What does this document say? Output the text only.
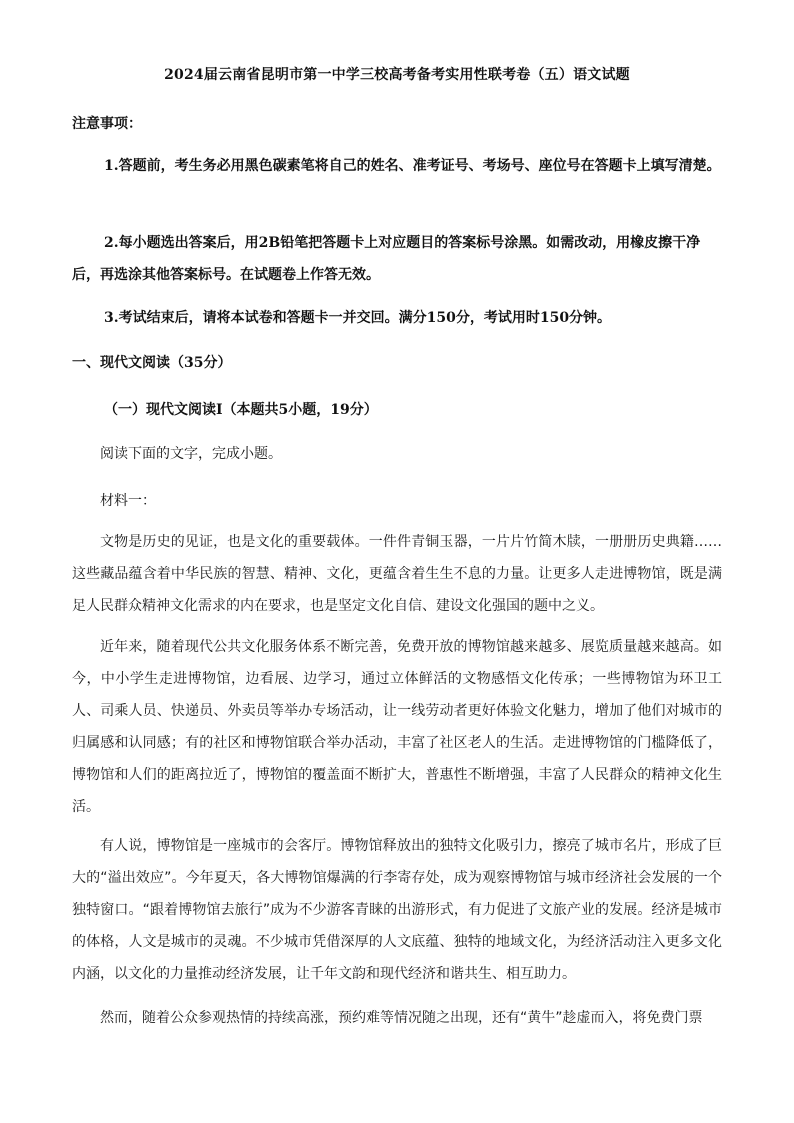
2024届云南省昆明市第一中学三校高考备考实用性联考卷（五）语文试题
注意事项：

1.答题前，考生务必用黑色碳素笔将自己的姓名、准考证号、考场号、座位号在答题卡上填写清楚。

2.每小题选出答案后，用2B铅笔把答题卡上对应题目的答案标号涂黑。如需改动，用橡皮擦干净后，再选涂其他答案标号。在试题卷上作答无效。

3.考试结束后，请将本试卷和答题卡一并交回。满分150分，考试用时150分钟。

一、现代文阅读（35分）
（一）现代文阅读Ⅰ（本题共5小题，19分）
阅读下面的文字，完成小题。
材料一：

文物是历史的见证，也是文化的重要载体。一件件青铜玉器，一片片竹简木牍，一册册历史典籍……这些藏品蕴含着中华民族的智慧、精神、文化，更蕴含着生生不息的力量。让更多人走进博物馆，既是满足人民群众精神文化需求的内在要求，也是坚定文化自信、建设文化强国的题中之义。

近年来，随着现代公共文化服务体系不断完善，免费开放的博物馆越来越多、展览质量越来越高。如今，中小学生走进博物馆，边看展、边学习，通过立体鲜活的文物感悟文化传承；一些博物馆为环卫工人、司乘人员、快递员、外卖员等举办专场活动，让一线劳动者更好体验文化魅力，增加了他们对城市的归属感和认同感；有的社区和博物馆联合举办活动，丰富了社区老人的生活。走进博物馆的门槛降低了，博物馆和人们的距离拉近了，博物馆的覆盖面不断扩大，普惠性不断增强，丰富了人民群众的精神文化生活。

有人说，博物馆是一座城市的会客厅。博物馆释放出的独特文化吸引力，擦亮了城市名片，形成了巨大的“溢出效应”。今年夏天，各大博物馆爆满的行李寄存处，成为观察博物馆与城市经济社会发展的一个独特窗口。“跟着博物馆去旅行”成为不少游客青睐的出游形式，有力促进了文旅产业的发展。经济是城市的体格，人文是城市的灵魂。不少城市凭借深厚的人文底蕴、独特的地域文化，为经济活动注入更多文化内涵，以文化的力量推动经济发展，让千年文韵和现代经济和谐共生、相互助力。

然而，随着公众参观热情的持续高涨，预约难等情况随之出现，还有“黄牛”趁虚而入，将免费门票
